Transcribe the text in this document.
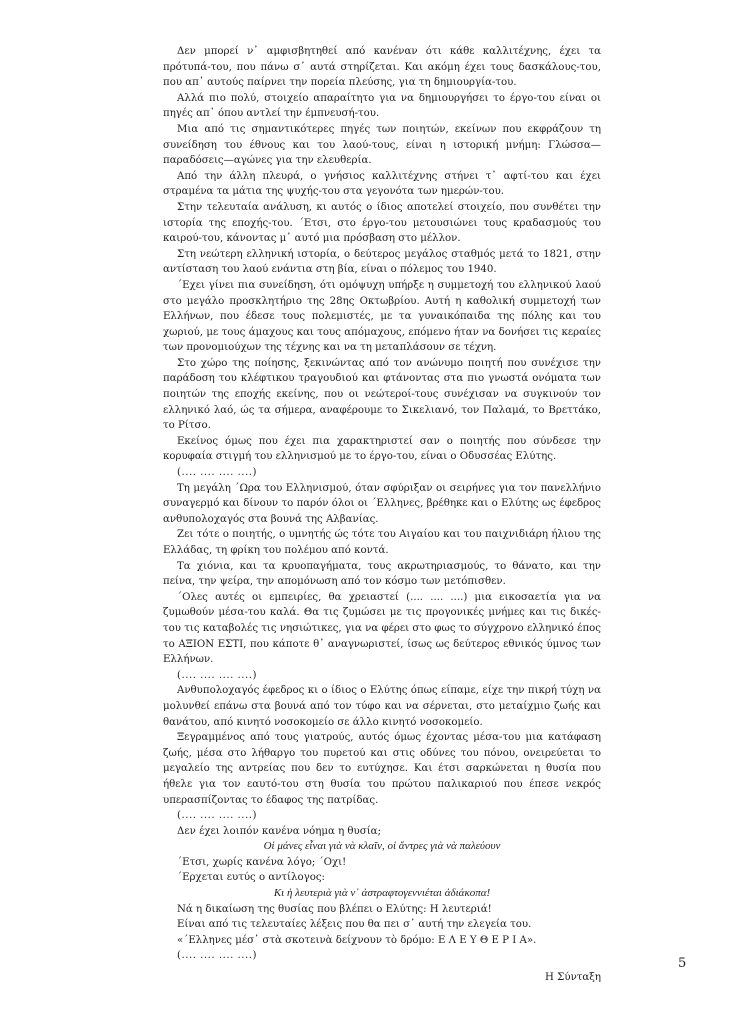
Δεν μπορεί ν᾿ αμφισβητηθεί από κανέναν ότι κάθε καλλιτέχνης, έχει τα πρότυπά-του, που πάνω σ᾿ αυτά στηρίζεται. Και ακόμη έχει τους δασκάλους-του, που απ᾿ αυτούς παίρνει την πορεία πλεύσης, για τη δημιουργία-του.

Αλλά πιο πολύ, στοιχείο απαραίτητο για να δημιουργήσει το έργο-του είναι οι πηγές απ᾿ όπου αντλεί την έμπνευσή-του.

Μια από τις σημαντικότερες πηγές των ποιητών, εκείνων που εκφράζουν τη συνείδηση του έθνους και του λαού-τους, είναι η ιστορική μνήμη: Γλώσσα—παραδόσεις—αγώνες για την ελευθερία.

Από την άλλη πλευρά, ο γνήσιος καλλιτέχνης στήνει τ᾿ αφτί-του και έχει στραμένα τα μάτια της ψυχής-του στα γεγονότα των ημερών-του.

Στην τελευταία ανάλυση, κι αυτός ο ίδιος αποτελεί στοιχείο, που συνθέτει την ιστορία της εποχής-του. ΄Ετσι, στο έργο-του μετουσιώνει τους κραδασμούς του καιρού-του, κάνοντας μ᾿ αυτό μια πρόσβαση στο μέλλον.

Στη νεώτερη ελληνική ιστορία, ο δεύτερος μεγάλος σταθμός μετά το 1821, στην αντίσταση του λαού ενάντια στη βία, είναι ο πόλεμος του 1940.

΄Εχει γίνει πια συνείδηση, ότι ομόψυχη υπήρξε η συμμετοχή του ελληνικού λαού στο μεγάλο προσκλητήριο της 28ης Οκτωβρίου. Αυτή η καθολική συμμετοχή των Ελλήνων, που έδεσε τους πολεμιστές, με τα γυναικόπαιδα της πόλης και του χωριού, με τους άμαχους και τους απόμαχους, επόμενο ήταν να δονήσει τις κεραίες των προνομιούχων της τέχνης και να τη μεταπλάσουν σε τέχνη.

Στο χώρο της ποίησης, ξεκινώντας από τον ανώνυμο ποιητή που συνέχισε την παράδοση του κλέφτικου τραγουδιού και φτάνοντας στα πιο γνωστά ονόματα των ποιητών της εποχής εκείνης, που οι νεώτεροί-τους συνέχισαν να συγκινούν τον ελληνικό λαό, ώς τα σήμερα, αναφέρουμε το Σικελιανό, τον Παλαμά, το Βρεττάκο, το Ρίτσο.

Εκείνος όμως που έχει πια χαρακτηριστεί σαν ο ποιητής που σύνδεσε την κορυφαία στιγμή του ελληνισμού με το έργο-του, είναι ο Οδυσσέας Ελύτης.

(.... .... .... ....)

Τη μεγάλη ΄Ωρα του Ελληνισμού, όταν σφύριξαν οι σειρήνες για τον πανελλήνιο συναγερμό και δίνουν το παρόν όλοι οι ΄Ελληνες, βρέθηκε και ο Ελύτης ως έφεδρος ανθυπολοχαγός στα βουνά της Αλβανίας.

Ζει τότε ο ποιητής, ο υμνητής ώς τότε του Αιγαίου και του παιχνιδιάρη ήλιου της Ελλάδας, τη φρίκη του πολέμου από κοντά.

Τα χιόνια, και τα κρυοπαγήματα, τους ακρωτηριασμούς, το θάνατο, και την πείνα, την ψείρα, την απομόνωση από τον κόσμο των μετόπισθεν.

΄Ολες αυτές οι εμπειρίες, θα χρειαστεί (.... .... ....) μια εικοσαετία για να ζυμωθούν μέσα-του καλά. Θα τις ζυμώσει με τις προγονικές μνήμες και τις δικές-του τις καταβολές τις νησιώτικες, για να φέρει στο φως το σύγχρονο ελληνικό έπος το ΑΞΙΟΝ ΕΣΤΙ, που κάποτε θ᾿ αναγνωριστεί, ίσως ως δεύτερος εθνικός ύμνος των Ελλήνων.

(.... .... .... ....)

Ανθυπολοχαγός έφεδρος κι ο ίδιος ο Ελύτης όπως είπαμε, είχε την πικρή τύχη να μολυνθεί επάνω στα βουνά από τον τύφο και να σέρνεται, στο μεταίχμιο ζωής και θανάτου, από κινητό νοσοκομείο σε άλλο κινητό νοσοκομείο.

Ξεγραμμένος από τους γιατρούς, αυτός όμως έχοντας μέσα-του μια κατάφαση ζωής, μέσα στο λήθαργο του πυρετού και στις οδύνες του πόνου, ονειρεύεται το μεγαλείο της αντρείας που δεν το ευτύχησε. Και έτσι σαρκώνεται η θυσία που ήθελε για τον εαυτό-του στη θυσία του πρώτου παλικαριού που έπεσε νεκρός υπερασπίζοντας το έδαφος της πατρίδας.

(.... .... .... ....)

Δεν έχει λοιπόν κανένα νόημα η θυσία;

Οἱ μάνες εἶναι γιὰ νὰ κλαῖν, οἱ ἄντρες γιὰ νὰ παλεύουν

΄Ετσι, χωρίς κανένα λόγο; ΄Οχι!

΄Ερχεται ευτύς ο αντίλογος:

Κι ἡ λευτεριὰ γιὰ ν᾿ ἀστραφτογεννιέται ἀδιάκοπα!

Νά η δικαίωση της θυσίας που βλέπει ο Ελύτης: Η λευτεριά!

Είναι από τις τελευταίες λέξεις που θα πει σ᾿ αυτή την ελεγεία του.

«΄Ελληνες μέσ᾿ στὰ σκοτεινὰ δείχνουν τὸ δρόμο: Ε Λ Ε Υ Θ Ε Ρ Ι Α».

(.... .... .... ....)

Η Σύνταξη

5
